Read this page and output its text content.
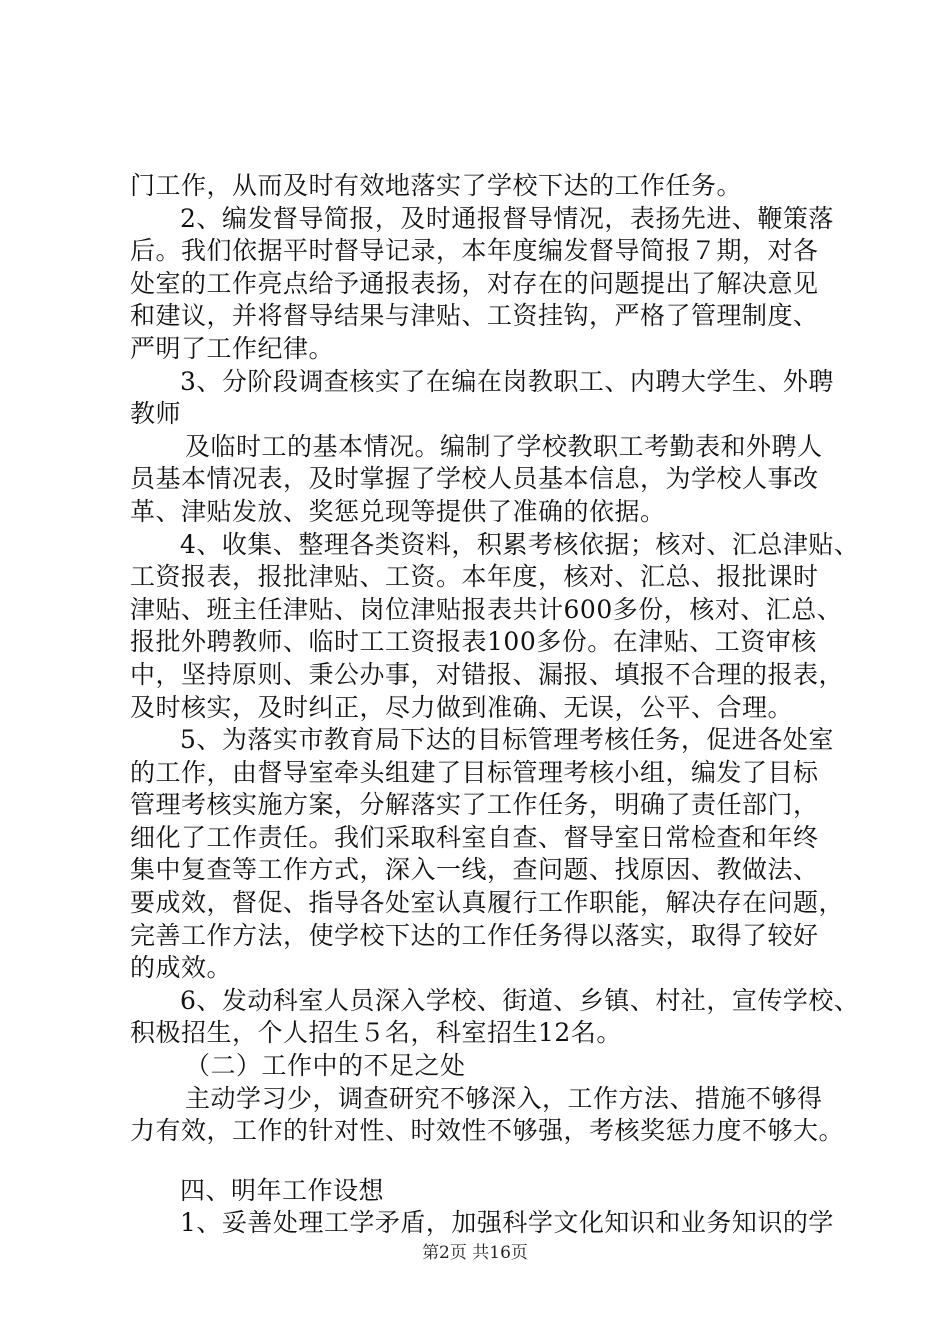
门工作，从而及时有效地落实了学校下达的工作任务。
2、编发督导简报，及时通报督导情况，表扬先进、鞭策落
后。我们依据平时督导记录，本年度编发督导简报７期，对各
处室的工作亮点给予通报表扬，对存在的问题提出了解决意见
和建议，并将督导结果与津贴、工资挂钩，严格了管理制度、
严明了工作纪律。
3、分阶段调查核实了在编在岗教职工、内聘大学生、外聘
教师
及临时工的基本情况。编制了学校教职工考勤表和外聘人
员基本情况表，及时掌握了学校人员基本信息，为学校人事改
革、津贴发放、奖惩兑现等提供了准确的依据。
4、收集、整理各类资料，积累考核依据；核对、汇总津贴、
工资报表，报批津贴、工资。本年度，核对、汇总、报批课时
津贴、班主任津贴、岗位津贴报表共计600多份，核对、汇总、
报批外聘教师、临时工工资报表100多份。在津贴、工资审核
中，坚持原则、秉公办事，对错报、漏报、填报不合理的报表，
及时核实，及时纠正，尽力做到准确、无误，公平、合理。
5、为落实市教育局下达的目标管理考核任务，促进各处室
的工作，由督导室牵头组建了目标管理考核小组，编发了目标
管理考核实施方案，分解落实了工作任务，明确了责任部门，
细化了工作责任。我们采取科室自查、督导室日常检查和年终
集中复查等工作方式，深入一线，查问题、找原因、教做法、
要成效，督促、指导各处室认真履行工作职能，解决存在问题，
完善工作方法，使学校下达的工作任务得以落实，取得了较好
的成效。
6、发动科室人员深入学校、街道、乡镇、村社，宣传学校、
积极招生，个人招生５名，科室招生12名。
（二）工作中的不足之处
主动学习少，调查研究不够深入，工作方法、措施不够得
力有效，工作的针对性、时效性不够强，考核奖惩力度不够大。
四、明年工作设想
1、妥善处理工学矛盾，加强科学文化知识和业务知识的学
第2页 共16页
